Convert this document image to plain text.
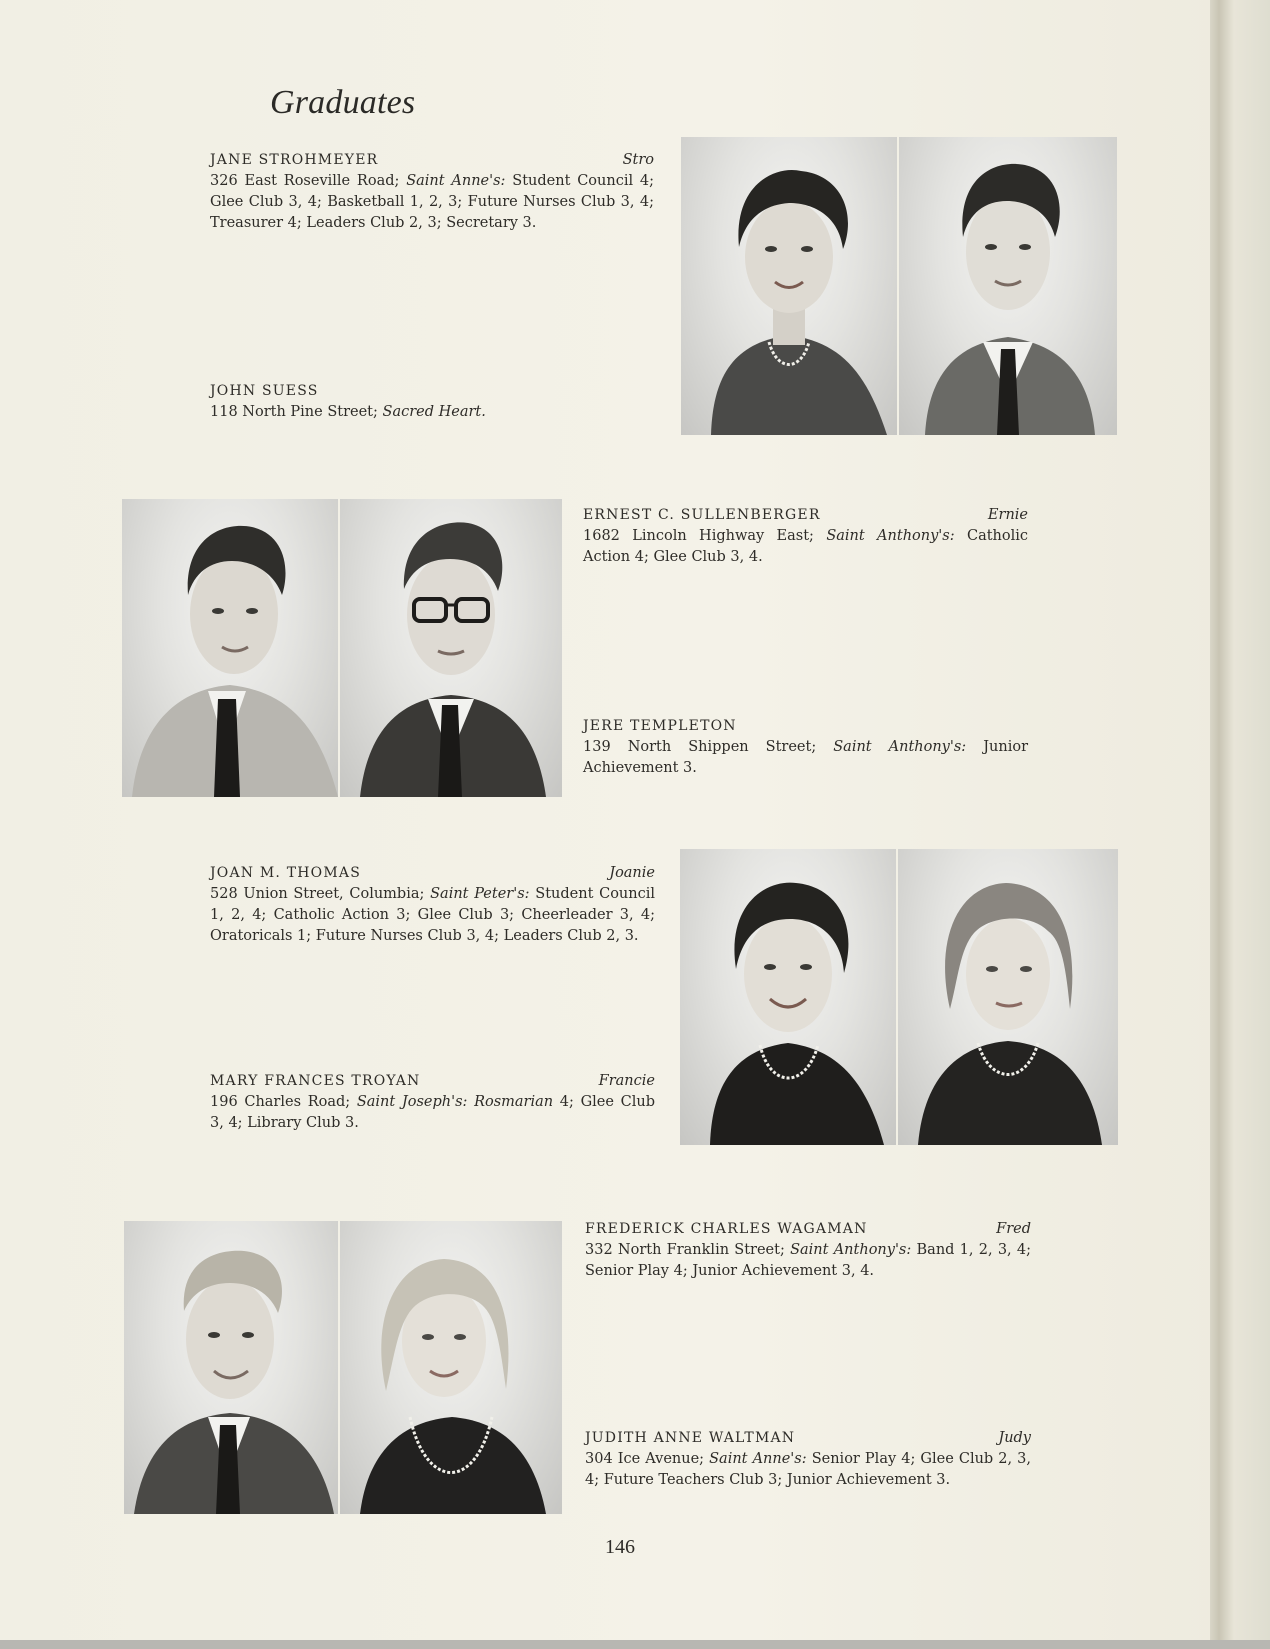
Graduates
JANE STROHMEYER	Stro
326 East Roseville Road; Saint Anne's: Student Council 4; Glee Club 3, 4; Basketball 1, 2, 3; Future Nurses Club 3, 4; Treasurer 4; Leaders Club 2, 3; Secretary 3.
JOHN SUESS
118 North Pine Street; Sacred Heart.
ERNEST C. SULLENBERGER	Ernie
1682 Lincoln Highway East; Saint Anthony's: Catholic Action 4; Glee Club 3, 4.
JERE TEMPLETON
139 North Shippen Street; Saint Anthony's: Junior Achievement 3.
JOAN M. THOMAS	Joanie
528 Union Street, Columbia; Saint Peter's: Student Council 1, 2, 4; Catholic Action 3; Glee Club 3; Cheerleader 3, 4; Oratoricals 1; Future Nurses Club 3, 4; Leaders Club 2, 3.
MARY FRANCES TROYAN	Francie
196 Charles Road; Saint Joseph's: Rosmarian 4; Glee Club 3, 4; Library Club 3.
FREDERICK CHARLES WAGAMAN	Fred
332 North Franklin Street; Saint Anthony's: Band 1, 2, 3, 4; Senior Play 4; Junior Achievement 3, 4.
JUDITH ANNE WALTMAN	Judy
304 Ice Avenue; Saint Anne's: Senior Play 4; Glee Club 2, 3, 4; Future Teachers Club 3; Junior Achievement 3.
146
